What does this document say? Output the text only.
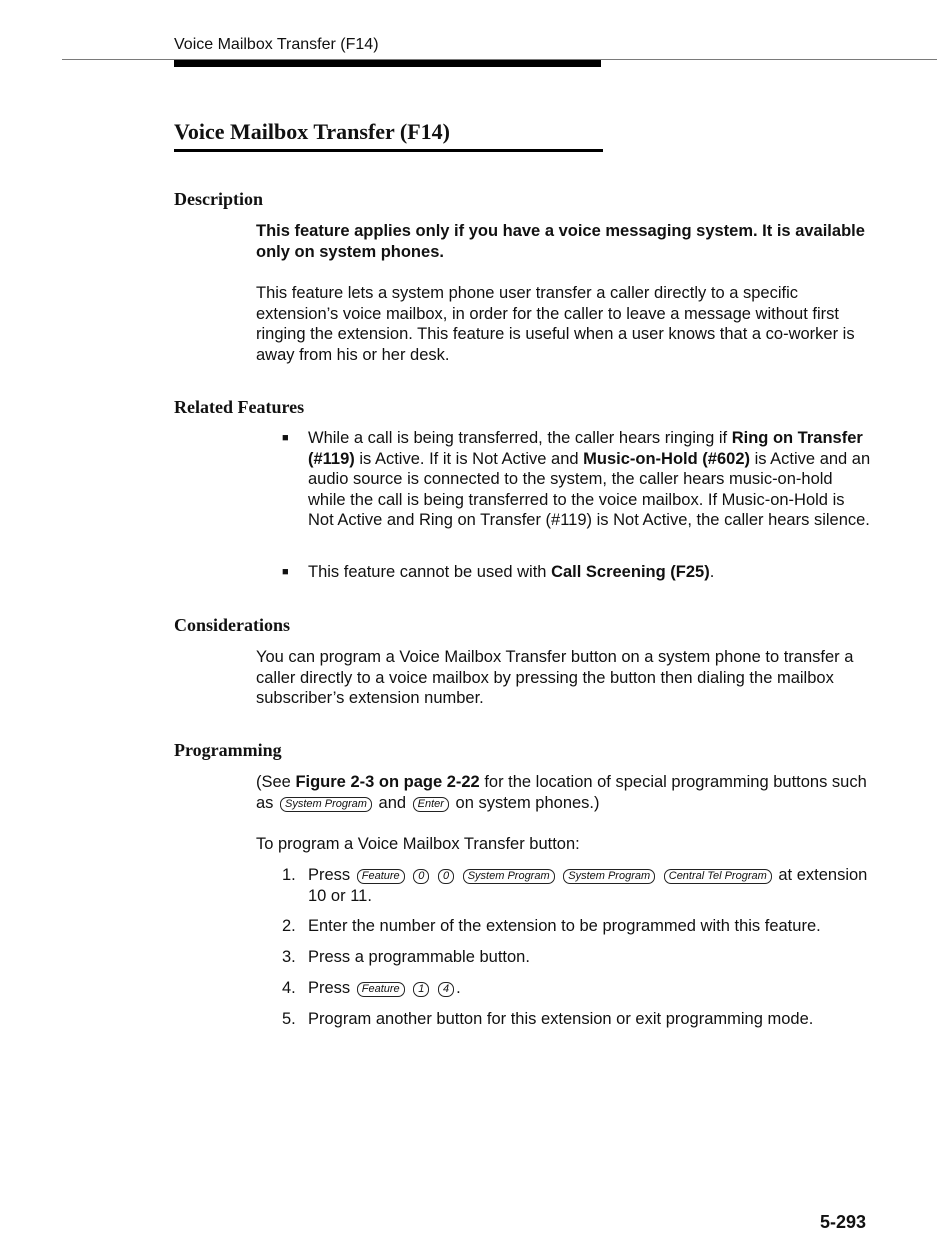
Voice Mailbox Transfer (F14)
Voice Mailbox Transfer (F14)
Description

This feature applies only if you have a voice messaging system. It is available only on system phones.

This feature lets a system phone user transfer a caller directly to a specific extension’s voice mailbox, in order for the caller to leave a message without first ringing the extension. This feature is useful when a user knows that a co-worker is away from his or her desk.

Related Features
■ While a call is being transferred, the caller hears ringing if Ring on Transfer (#119) is Active. If it is Not Active and Music-on-Hold (#602) is Active and an audio source is connected to the system, the caller hears music-on-hold while the call is being transferred to the voice mailbox. If Music-on-Hold is Not Active and Ring on Transfer (#119) is Not Active, the caller hears silence.
■ This feature cannot be used with Call Screening (F25).
Considerations

You can program a Voice Mailbox Transfer button on a system phone to transfer a caller directly to a voice mailbox by pressing the button then dialing the mailbox subscriber’s extension number.

Programming

(See Figure 2-3 on page 2-22 for the location of special programming buttons such as System Program and Enter on system phones.)

To program a Voice Mailbox Transfer button:

1. Press Feature 0 0 System Program System Program Central Tel Program at extension 10 or 11.
2. Enter the number of the extension to be programmed with this feature.
3. Press a programmable button.
4. Press Feature 1 4 .
5. Program another button for this extension or exit programming mode.
5-293
